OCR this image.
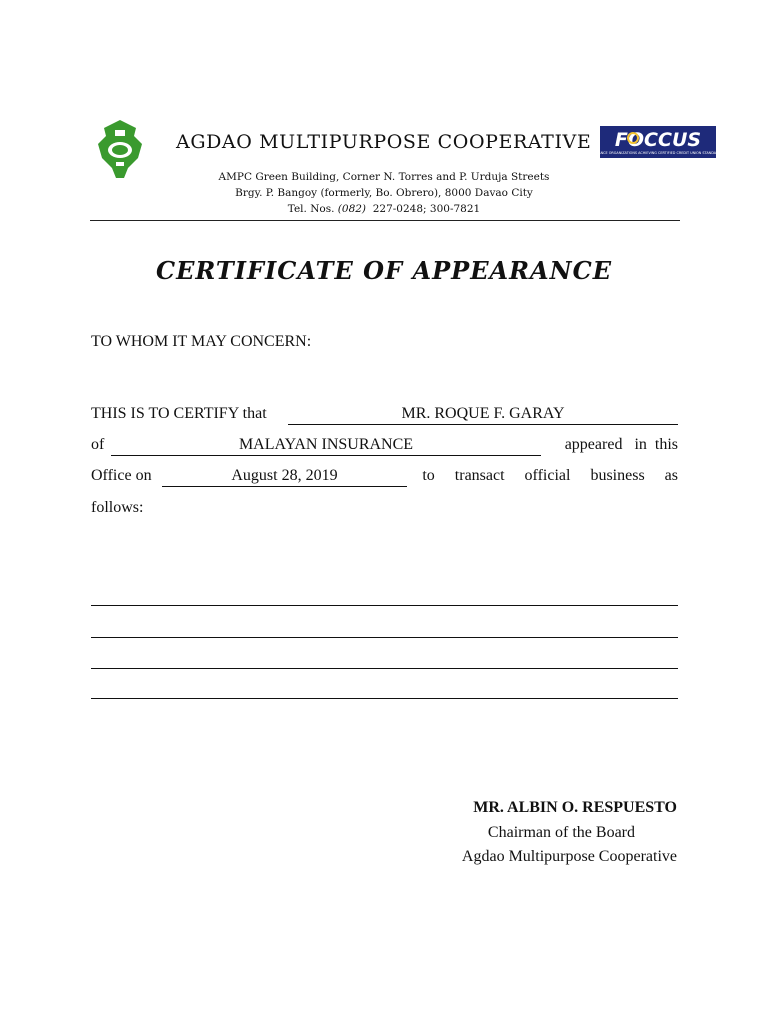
AGDAO MULTIPURPOSE COOPERATIVE FOCCUS
FINANCE ORGANIZATIONS ACHIEVING CERTIFIED CREDIT UNION STANDARDS
AMPC Green Building, Corner N. Torres and P. Urduja Streets
Brgy. P. Bangoy (formerly, Bo. Obrero), 8000 Davao City
Tel. Nos. (082) 227-0248; 300-7821
CERTIFICATE OF APPEARANCE
TO WHOM IT MAY CONCERN:
THIS IS TO CERTIFY that	MR. ROQUE F. GARAY
of	MALAYAN INSURANCE	appeared   in  this
Office on	August 28, 2019	to     transact     official     business     as
follows:
MR. ALBIN O. RESPUESTO
Chairman of the Board
Agdao Multipurpose Cooperative
